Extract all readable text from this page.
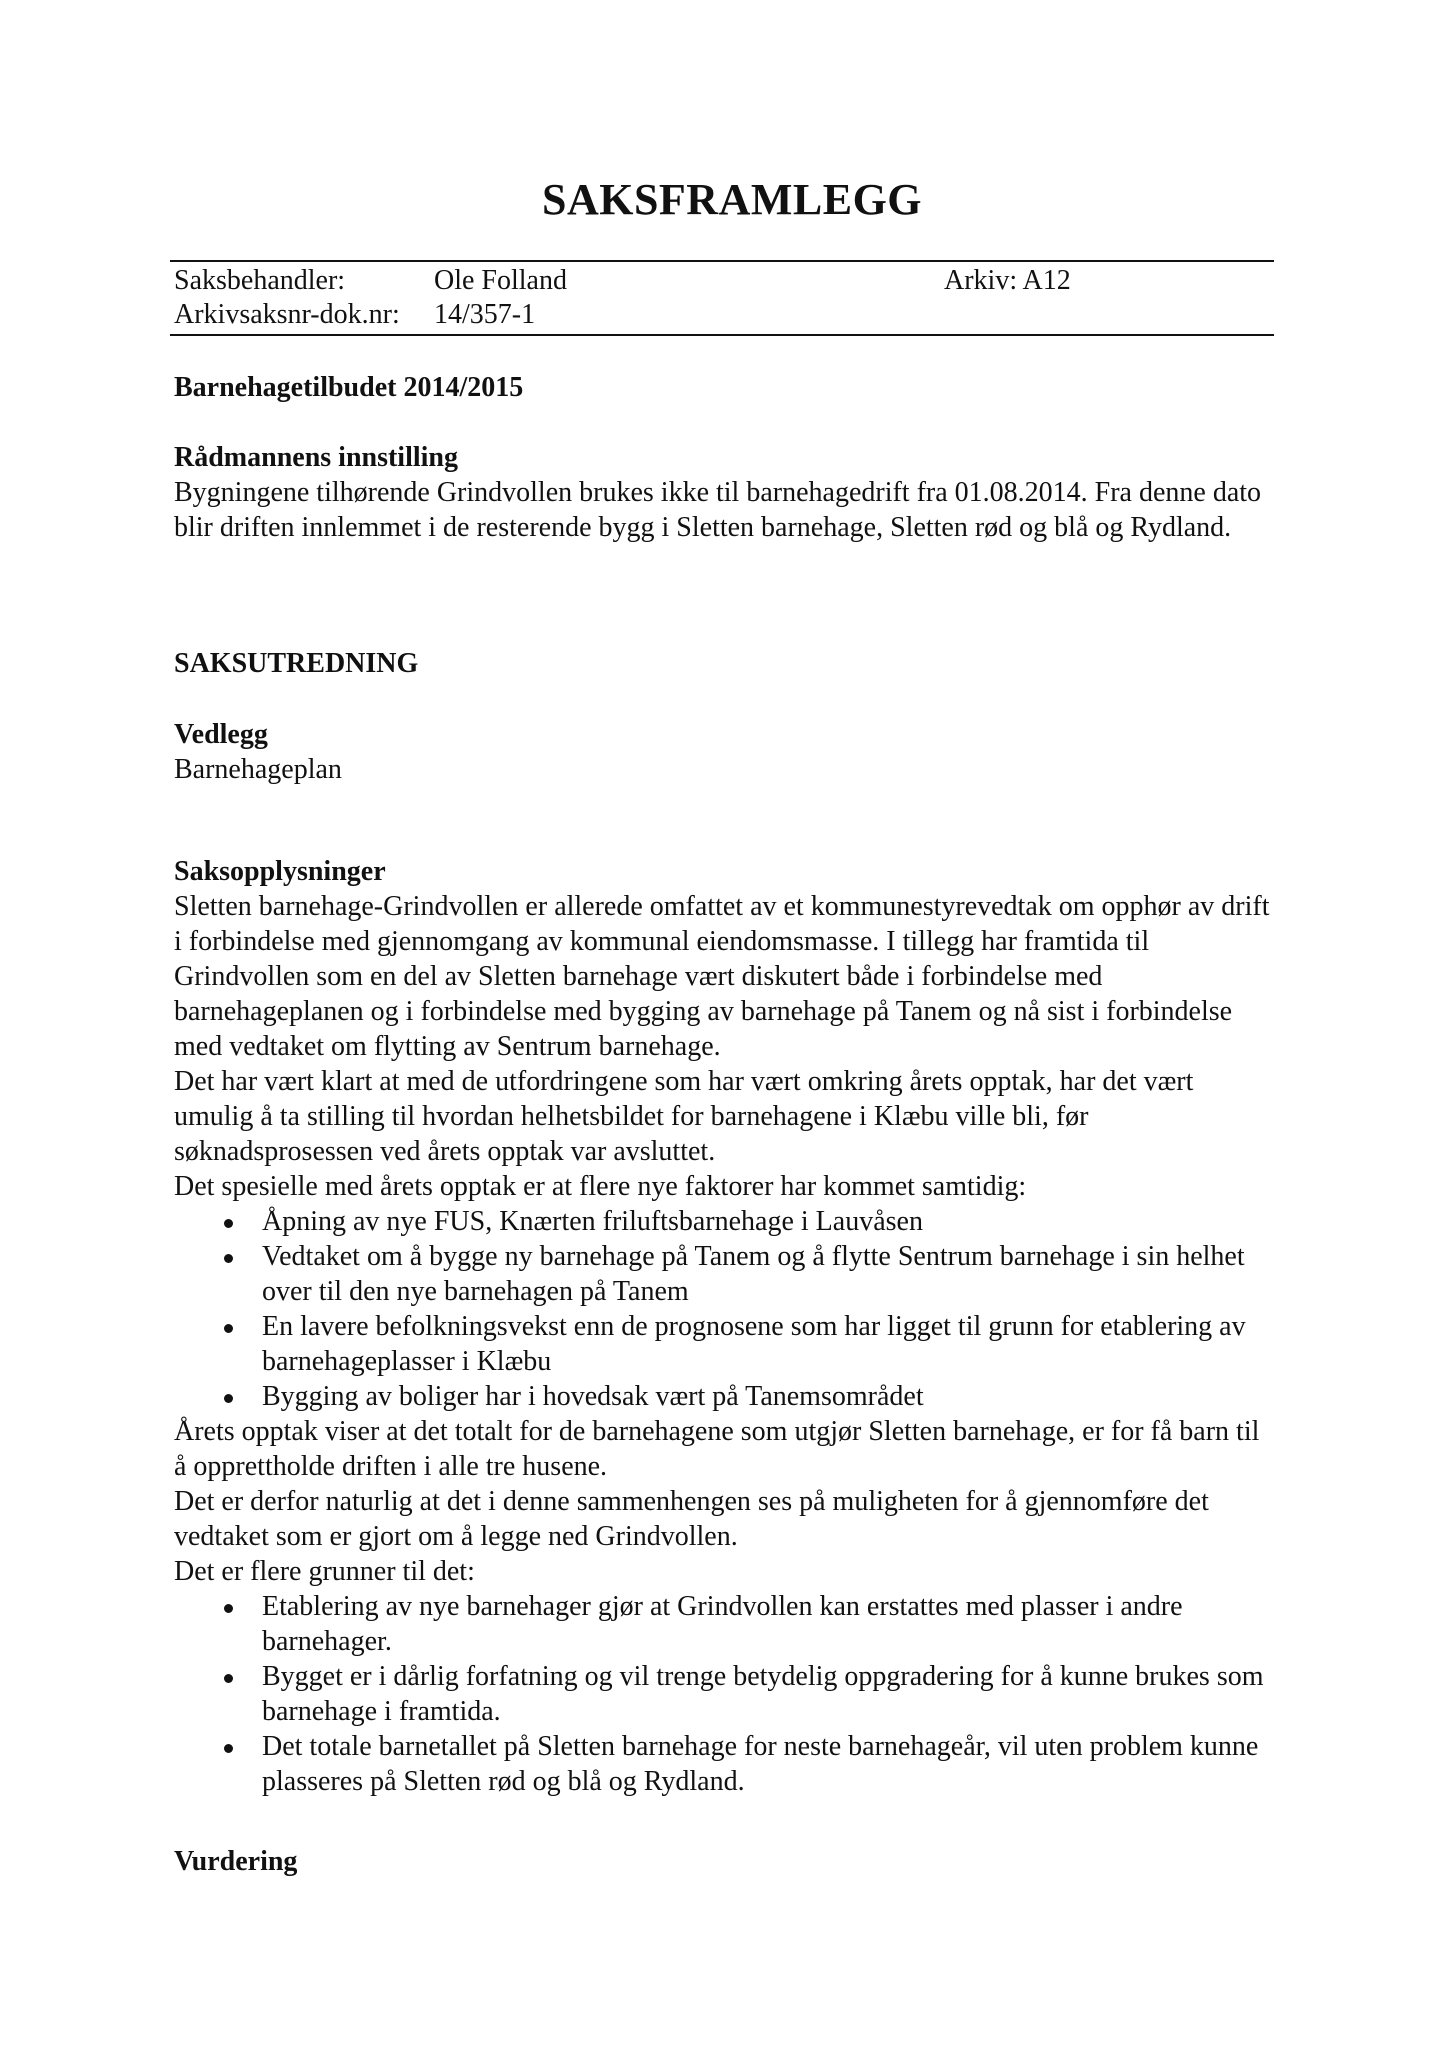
SAKSFRAMLEGG
Saksbehandler:	Ole Folland	Arkiv: A12
Arkivsaksnr-dok.nr: 14/357-1
Barnehagetilbudet 2014/2015
Rådmannens innstilling

Bygningene tilhørende Grindvollen brukes ikke til barnehagedrift fra 01.08.2014. Fra denne dato blir driften innlemmet i de resterende bygg i Sletten barnehage, Sletten rød og blå og Rydland.

SAKSUTREDNING
Vedlegg
Barnehageplan
Saksopplysninger

Sletten barnehage-Grindvollen er allerede omfattet av et kommunestyrevedtak om opphør av drift i forbindelse med gjennomgang av kommunal eiendomsmasse. I tillegg har framtida til Grindvollen som en del av Sletten barnehage vært diskutert både i forbindelse med barnehageplanen og i forbindelse med bygging av barnehage på Tanem og nå sist i forbindelse med vedtaket om flytting av Sentrum barnehage.

Det har vært klart at med de utfordringene som har vært omkring årets opptak, har det vært umulig å ta stilling til hvordan helhetsbildet for barnehagene i Klæbu ville bli, før søknadsprosessen ved årets opptak var avsluttet.

Det spesielle med årets opptak er at flere nye faktorer har kommet samtidig:

Åpning av nye FUS, Knærten friluftsbarnehage i Lauvåsen
Vedtaket om å bygge ny barnehage på Tanem og å flytte Sentrum barnehage i sin helhet over til den nye barnehagen på Tanem
En lavere befolkningsvekst enn de prognosene som har ligget til grunn for etablering av barnehageplasser i Klæbu
Bygging av boliger har i hovedsak vært på Tanemsområdet

Årets opptak viser at det totalt for de barnehagene som utgjør Sletten barnehage, er for få barn til å opprettholde driften i alle tre husene.

Det er derfor naturlig at det i denne sammenhengen ses på muligheten for å gjennomføre det vedtaket som er gjort om å legge ned Grindvollen.

Det er flere grunner til det:

Etablering av nye barnehager gjør at Grindvollen kan erstattes med plasser i andre barnehager.
Bygget er i dårlig forfatning og vil trenge betydelig oppgradering for å kunne brukes som barnehage i framtida.
Det totale barnetallet på Sletten barnehage for neste barnehageår, vil uten problem kunne plasseres på Sletten rød og blå og Rydland.
Vurdering
